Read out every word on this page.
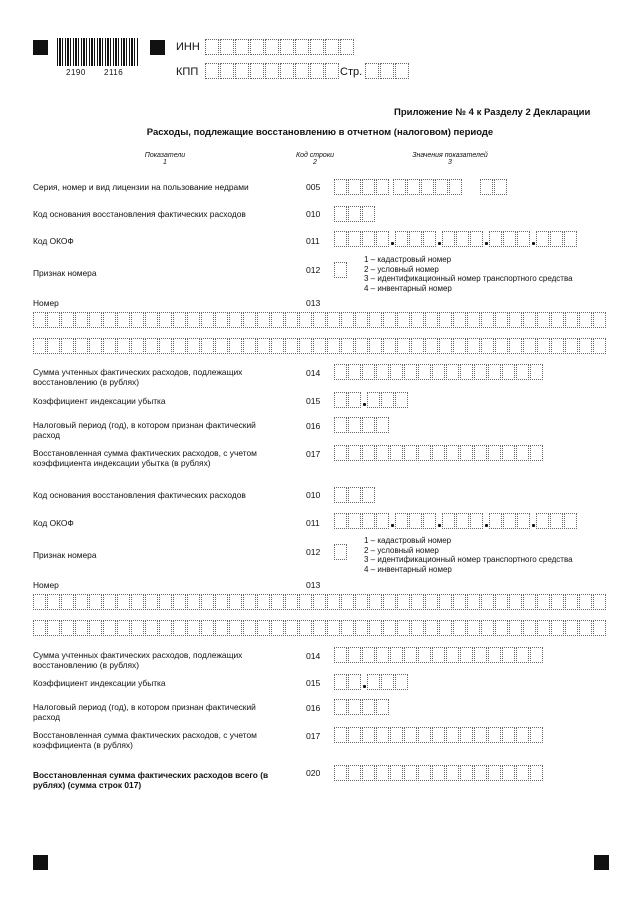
2190 2116
ИНН
КПП	Стр.
Приложение № 4 к Разделу 2 Декларации
Расходы, подлежащие восстановлению в отчетном (налоговом) периоде
Показатели
1
Код строки
2
Значения показателей
3
Серия, номер и вид лицензии на пользование недрами	005
Код основания восстановления фактических расходов	010
Код ОКОФ	011
Признак номера	012
1 – кадастровый номер
2 – условный номер
3 – идентификационный номер транспортного средства
4 – инвентарный номер
Номер	013
Сумма учтенных фактических расходов, подлежащих
восстановлению (в рублях)
014
Коэффициент индексации убытка	015
Налоговый период (год), в котором признан фактический
расход
016
Восстановленная сумма фактических расходов, с учетом
коэффициента индексации убытка (в рублях)
017
Код основания восстановления фактических расходов	010
Код ОКОФ	011
Признак номера	012
1 – кадастровый номер
2 – условный номер
3 – идентификационный номер транспортного средства
4 – инвентарный номер
Номер	013
Сумма учтенных фактических расходов, подлежащих
восстановлению (в рублях)
014
Коэффициент индексации убытка	015
Налоговый период (год), в котором признан фактический
расход
016
Восстановленная сумма фактических расходов, с учетом
коэффициента (в рублях)
017
Восстановленная сумма фактических расходов всего (в
рублях) (сумма строк 017)
020
